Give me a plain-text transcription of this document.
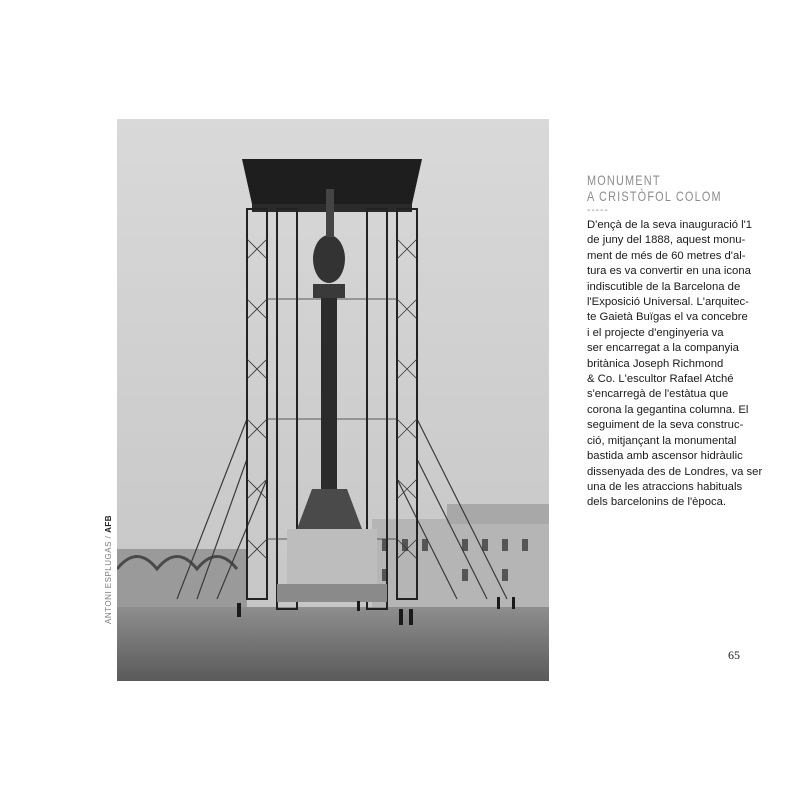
ANTONI ESPLUGAS / AFB
MONUMENT
A CRISTÒFOL COLOM
-----
D'ençà de la seva inauguració l'1
de juny del 1888, aquest monu-
ment de més de 60 metres d'al-
tura es va convertir en una icona
indiscutible de la Barcelona de
l'Exposició Universal. L'arquitec-
te Gaietà Buïgas el va concebre
i el projecte d'enginyeria va
ser encarregat a la companyia
britànica Joseph Richmond
& Co. L'escultor Rafael Atché
s'encarregà de l'estàtua que
corona la gegantina columna. El
seguiment de la seva construc-
ció, mitjançant la monumental
bastida amb ascensor hidràulic
dissenyada des de Londres, va ser
una de les atraccions habituals
dels barcelonins de l'època.
65
